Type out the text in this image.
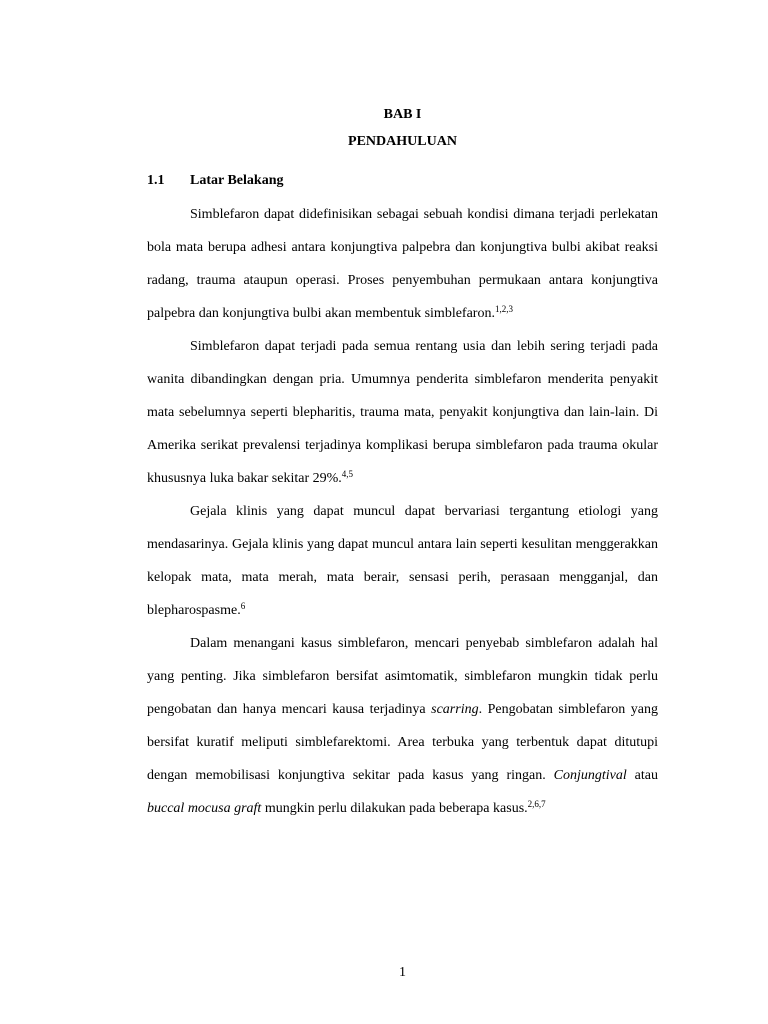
BAB I

PENDAHULUAN

1.1 Latar Belakang

Simblefaron dapat didefinisikan sebagai sebuah kondisi dimana terjadi perlekatan bola mata berupa adhesi antara konjungtiva palpebra dan konjungtiva bulbi akibat reaksi radang, trauma ataupun operasi. Proses penyembuhan permukaan antara konjungtiva palpebra dan konjungtiva bulbi akan membentuk simblefaron.$^{1,2,3}$

Simblefaron dapat terjadi pada semua rentang usia dan lebih sering terjadi pada wanita dibandingkan dengan pria. Umumnya penderita simblefaron menderita penyakit mata sebelumnya seperti blepharitis, trauma mata, penyakit konjungtiva dan lain-lain. Di Amerika serikat prevalensi terjadinya komplikasi berupa simblefaron pada trauma okular khususnya luka bakar sekitar 29%.$^{4,5}$

Gejala klinis yang dapat muncul dapat bervariasi tergantung etiologi yang mendasarinya. Gejala klinis yang dapat muncul antara lain seperti kesulitan menggerakkan kelopak mata, mata merah, mata berair, sensasi perih, perasaan mengganjal, dan blepharospasme.$^6$

Dalam menangani kasus simblefaron, mencari penyebab simblefaron adalah hal yang penting. Jika simblefaron bersifat asimtomatik, simblefaron mungkin tidak perlu pengobatan dan hanya mencari kausa terjadinya scarring. Pengobatan simblefaron yang bersifat kuratif meliputi simblefarektomi. Area terbuka yang terbentuk dapat ditutupi dengan memobilisasi konjungtiva sekitar pada kasus yang ringan. Conjungtival atau buccal mocusa graft mungkin perlu dilakukan pada beberapa kasus.$^{2,6,7}$

1
